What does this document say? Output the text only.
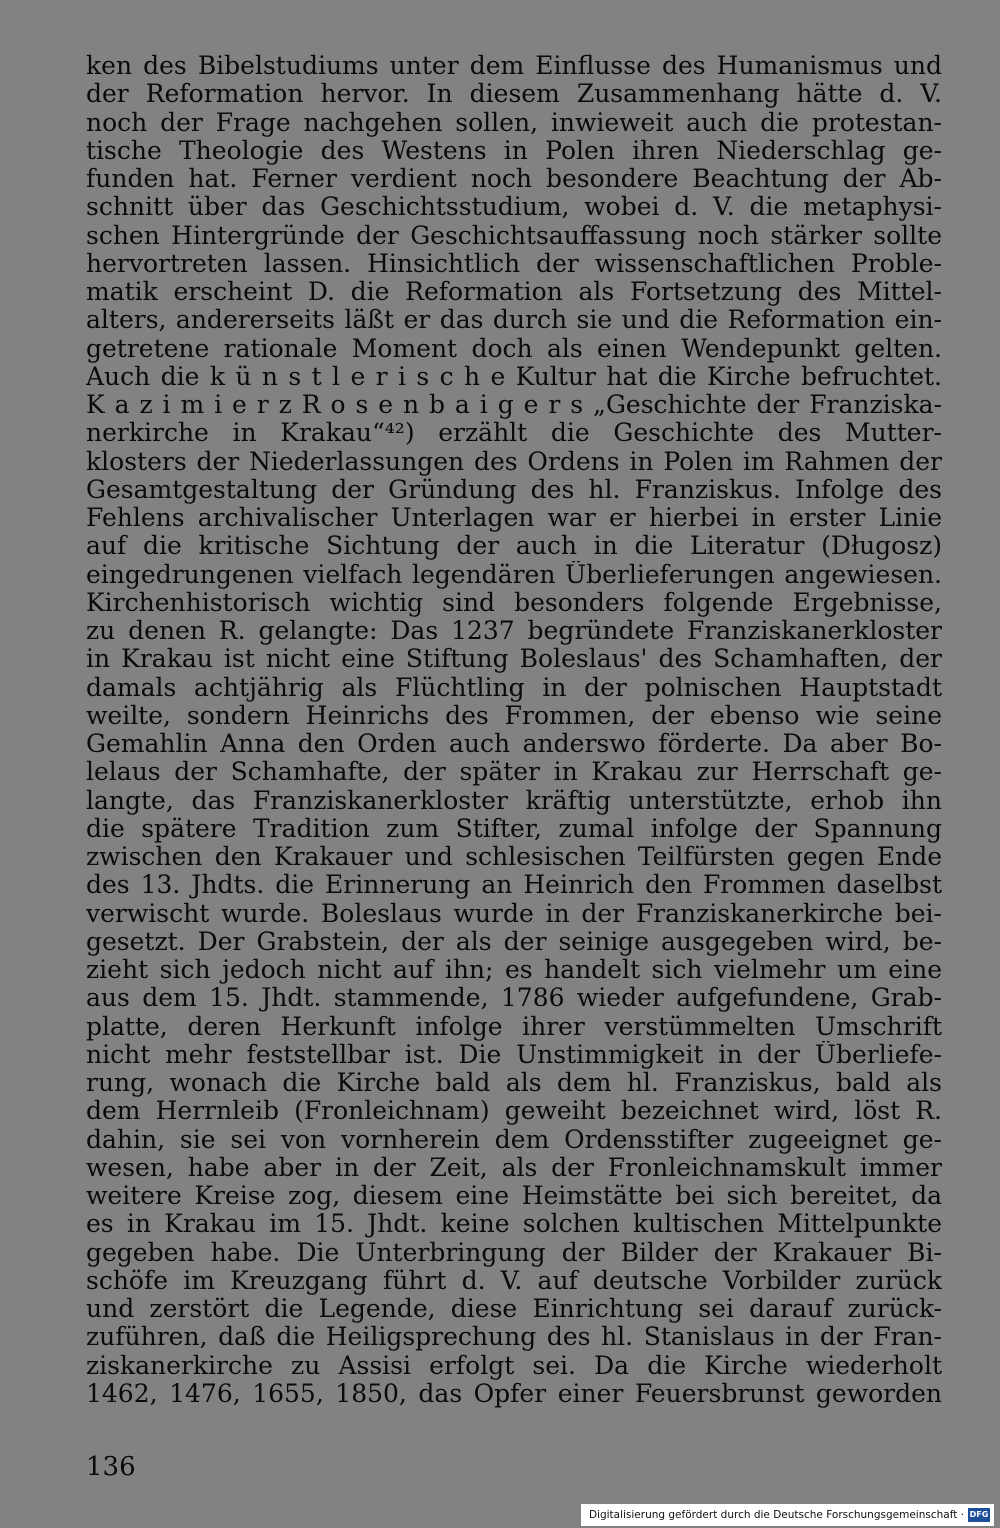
ken des Bibelstudiums unter dem Einflusse des Humanismus und
der Reformation hervor. In diesem Zusammenhang hätte d. V.
noch der Frage nachgehen sollen, inwieweit auch die protestan-
tische Theologie des Westens in Polen ihren Niederschlag ge-
funden hat. Ferner verdient noch besondere Beachtung der Ab-
schnitt über das Geschichtsstudium, wobei d. V. die metaphysi-
schen Hintergründe der Geschichtsauffassung noch stärker sollte
hervortreten lassen. Hinsichtlich der wissenschaftlichen Proble-
matik erscheint D. die Reformation als Fortsetzung des Mittel-
alters, andererseits läßt er das durch sie und die Reformation ein-
getretene rationale Moment doch als einen Wendepunkt gelten.
Auch die k ü n s t l e r i s c h e Kultur hat die Kirche befruchtet.
K a z i m i e r z R o s e n b a i g e r s „Geschichte der Franziska-
nerkirche in Krakau“⁴²) erzählt die Geschichte des Mutter-
klosters der Niederlassungen des Ordens in Polen im Rahmen der
Gesamtgestaltung der Gründung des hl. Franziskus. Infolge des
Fehlens archivalischer Unterlagen war er hierbei in erster Linie
auf die kritische Sichtung der auch in die Literatur (Długosz)
eingedrungenen vielfach legendären Überlieferungen angewiesen.
Kirchenhistorisch wichtig sind besonders folgende Ergebnisse,
zu denen R. gelangte: Das 1237 begründete Franziskanerkloster
in Krakau ist nicht eine Stiftung Boleslaus' des Schamhaften, der
damals achtjährig als Flüchtling in der polnischen Hauptstadt
weilte, sondern Heinrichs des Frommen, der ebenso wie seine
Gemahlin Anna den Orden auch anderswo förderte. Da aber Bo-
lelaus der Schamhafte, der später in Krakau zur Herrschaft ge-
langte, das Franziskanerkloster kräftig unterstützte, erhob ihn
die spätere Tradition zum Stifter, zumal infolge der Spannung
zwischen den Krakauer und schlesischen Teilfürsten gegen Ende
des 13. Jhdts. die Erinnerung an Heinrich den Frommen daselbst
verwischt wurde. Boleslaus wurde in der Franziskanerkirche bei-
gesetzt. Der Grabstein, der als der seinige ausgegeben wird, be-
zieht sich jedoch nicht auf ihn; es handelt sich vielmehr um eine
aus dem 15. Jhdt. stammende, 1786 wieder aufgefundene, Grab-
platte, deren Herkunft infolge ihrer verstümmelten Umschrift
nicht mehr feststellbar ist. Die Unstimmigkeit in der Überliefe-
rung, wonach die Kirche bald als dem hl. Franziskus, bald als
dem Herrnleib (Fronleichnam) geweiht bezeichnet wird, löst R.
dahin, sie sei von vornherein dem Ordensstifter zugeeignet ge-
wesen, habe aber in der Zeit, als der Fronleichnamskult immer
weitere Kreise zog, diesem eine Heimstätte bei sich bereitet, da
es in Krakau im 15. Jhdt. keine solchen kultischen Mittelpunkte
gegeben habe. Die Unterbringung der Bilder der Krakauer Bi-
schöfe im Kreuzgang führt d. V. auf deutsche Vorbilder zurück
und zerstört die Legende, diese Einrichtung sei darauf zurück-
zuführen, daß die Heiligsprechung des hl. Stanislaus in der Fran-
ziskanerkirche zu Assisi erfolgt sei. Da die Kirche wiederholt
1462, 1476, 1655, 1850, das Opfer einer Feuersbrunst geworden
136
Digitalisierung gefördert durch die Deutsche Forschungsgemeinschaft · DFG
